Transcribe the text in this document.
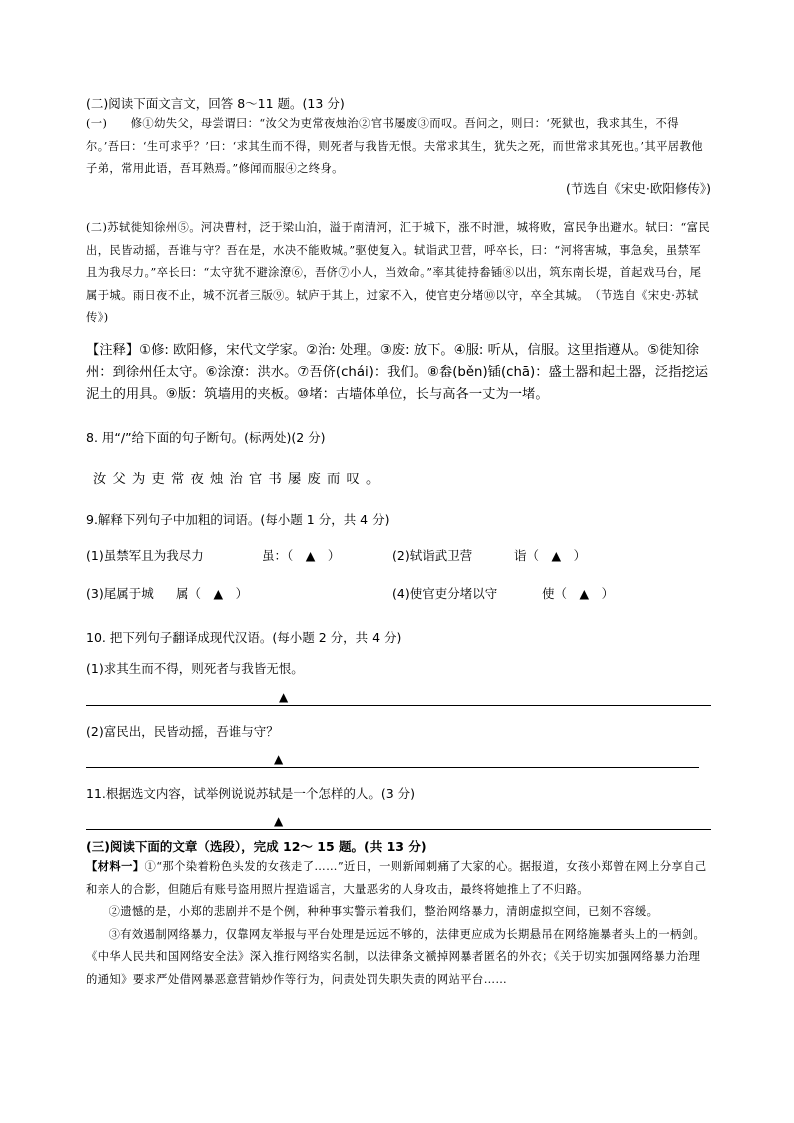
(二)阅读下面文言文，回答 8～11 题。(13 分)

(一)　　修①幼失父，母尝谓曰：“汝父为吏常夜烛治②官书屡废③而叹。吾问之，则曰：‘死狱也，我求其生，不得尔。’吾曰：‘生可求乎？’曰：‘求其生而不得，则死者与我皆无恨。夫常求其生，犹失之死，而世常求其死也。’其平居教他子弟，常用此语，吾耳熟焉。”修闻而服④之终身。

(节选自《宋史·欧阳修传》)

(二)苏轼徙知徐州⑤。河决曹村，泛于梁山泊，溢于南清河，汇于城下，涨不时泄，城将败，富民争出避水。轼曰：“富民出，民皆动摇，吾谁与守？吾在是，水决不能败城。”驱使复入。轼诣武卫营，呼卒长，曰：“河将害城，事急矣，虽禁军且为我尽力。”卒长曰：“太守犹不避涂潦⑥，吾侪⑦小人，当效命。”率其徒持畚锸⑧以出，筑东南长堤，首起戏马台，尾属于城。雨日夜不止，城不沉者三版⑨。轼庐于其上，过家不入，使官吏分堵⑩以守，卒全其城。　（节选自《宋史·苏轼传》)

【注释】①修: 欧阳修，宋代文学家。②治: 处理。③废: 放下。④服: 听从，信服。这里指遵从。⑤徙知徐州：到徐州任太守。⑥涂潦：洪水。⑦吾侪(chái)：我们。⑧畚(běn)锸(chā)：盛土器和起土器，泛指挖运泥土的用具。⑨版：筑墙用的夹板。⑩堵：古墙体单位，长与高各一丈为一堵。

8. 用“/”给下面的句子断句。(标两处)(2 分)

汝父为吏常夜烛治官书屡废而叹。

9.解释下列句子中加粗的词语。(每小题 1 分，共 4 分)

(1)虽禁军且为我尽力	虽：（　▲　）	(2)轼诣武卫营	诣（　▲　）
(3)尾属于城 属（　▲　）	(4)使官吏分堵以守	使（　▲　）

10. 把下列句子翻译成现代汉语。(每小题 2 分，共 4 分)

(1)求其生而不得，则死者与我皆无恨。

▲

(2)富民出，民皆动摇，吾谁与守？

▲

11.根据选文内容，试举例说说苏轼是一个怎样的人。(3 分)

▲

(三)阅读下面的文章（选段），完成 12～ 15 题。(共 13 分)

【材料一】①“那个染着粉色头发的女孩走了……”近日，一则新闻刺痛了大家的心。据报道，女孩小郑曾在网上分享自己和亲人的合影，但随后有账号盗用照片捏造谣言，大量恶劣的人身攻击，最终将她推上了不归路。

②遗憾的是，小郑的悲剧并不是个例，种种事实警示着我们，整治网络暴力，清朗虚拟空间，已刻不容缓。

③有效遏制网络暴力，仅靠网友举报与平台处理是远远不够的，法律更应成为长期悬吊在网络施暴者头上的一柄剑。《中华人民共和国网络安全法》深入推行网络实名制，以法律条文褫掉网暴者匿名的外衣；《关于切实加强网络暴力治理的通知》要求严处借网暴恶意营销炒作等行为，问责处罚失职失责的网站平台……
